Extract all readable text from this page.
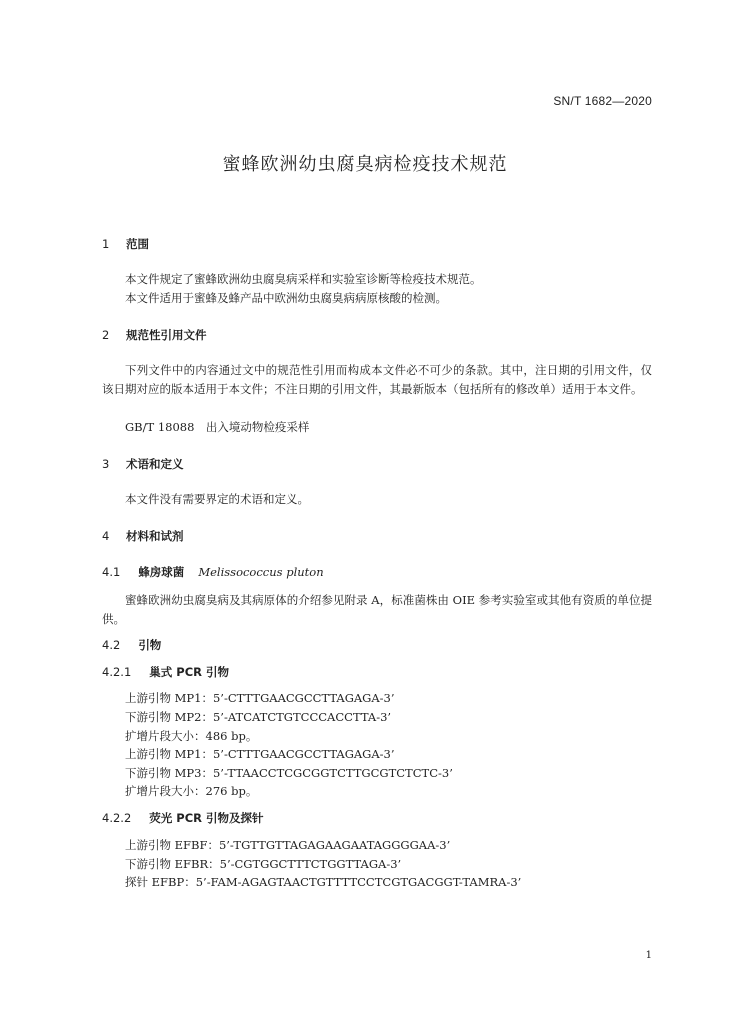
SN/T 1682—2020
蜜蜂欧洲幼虫腐臭病检疫技术规范
1 范围
本文件规定了蜜蜂欧洲幼虫腐臭病采样和实验室诊断等检疫技术规范。
本文件适用于蜜蜂及蜂产品中欧洲幼虫腐臭病病原核酸的检测。
2 规范性引用文件
下列文件中的内容通过文中的规范性引用而构成本文件必不可少的条款。其中，注日期的引用文件，仅该日期对应的版本适用于本文件；不注日期的引用文件，其最新版本（包括所有的修改单）适用于本文件。
GB/T 18088　出入境动物检疫采样
3 术语和定义
本文件没有需要界定的术语和定义。
4 材料和试剂
4.1 蜂房球菌 Melissococcus pluton
蜜蜂欧洲幼虫腐臭病及其病原体的介绍参见附录 A，标准菌株由 OIE 参考实验室或其他有资质的单位提供。
4.2 引物
4.2.1 巢式 PCR 引物
上游引物 MP1：5’-CTTTGAACGCCTTAGAGA-3’
下游引物 MP2：5’-ATCATCTGTCCCACCTTA-3’
扩增片段大小：486 bp。
上游引物 MP1：5’-CTTTGAACGCCTTAGAGA-3’
下游引物 MP3：5’-TTAACCTCGCGGTCTTGCGTCTCTC-3’
扩增片段大小：276 bp。
4.2.2 荧光 PCR 引物及探针
上游引物 EFBF：5’-TGTTGTTAGAGAAGAATAGGGGAA-3’
下游引物 EFBR：5’-CGTGGCTTTCTGGTTAGA-3’
探针 EFBP：5’-FAM-AGAGTAACTGTTTTCCTCGTGACGGT-TAMRA-3’
1
